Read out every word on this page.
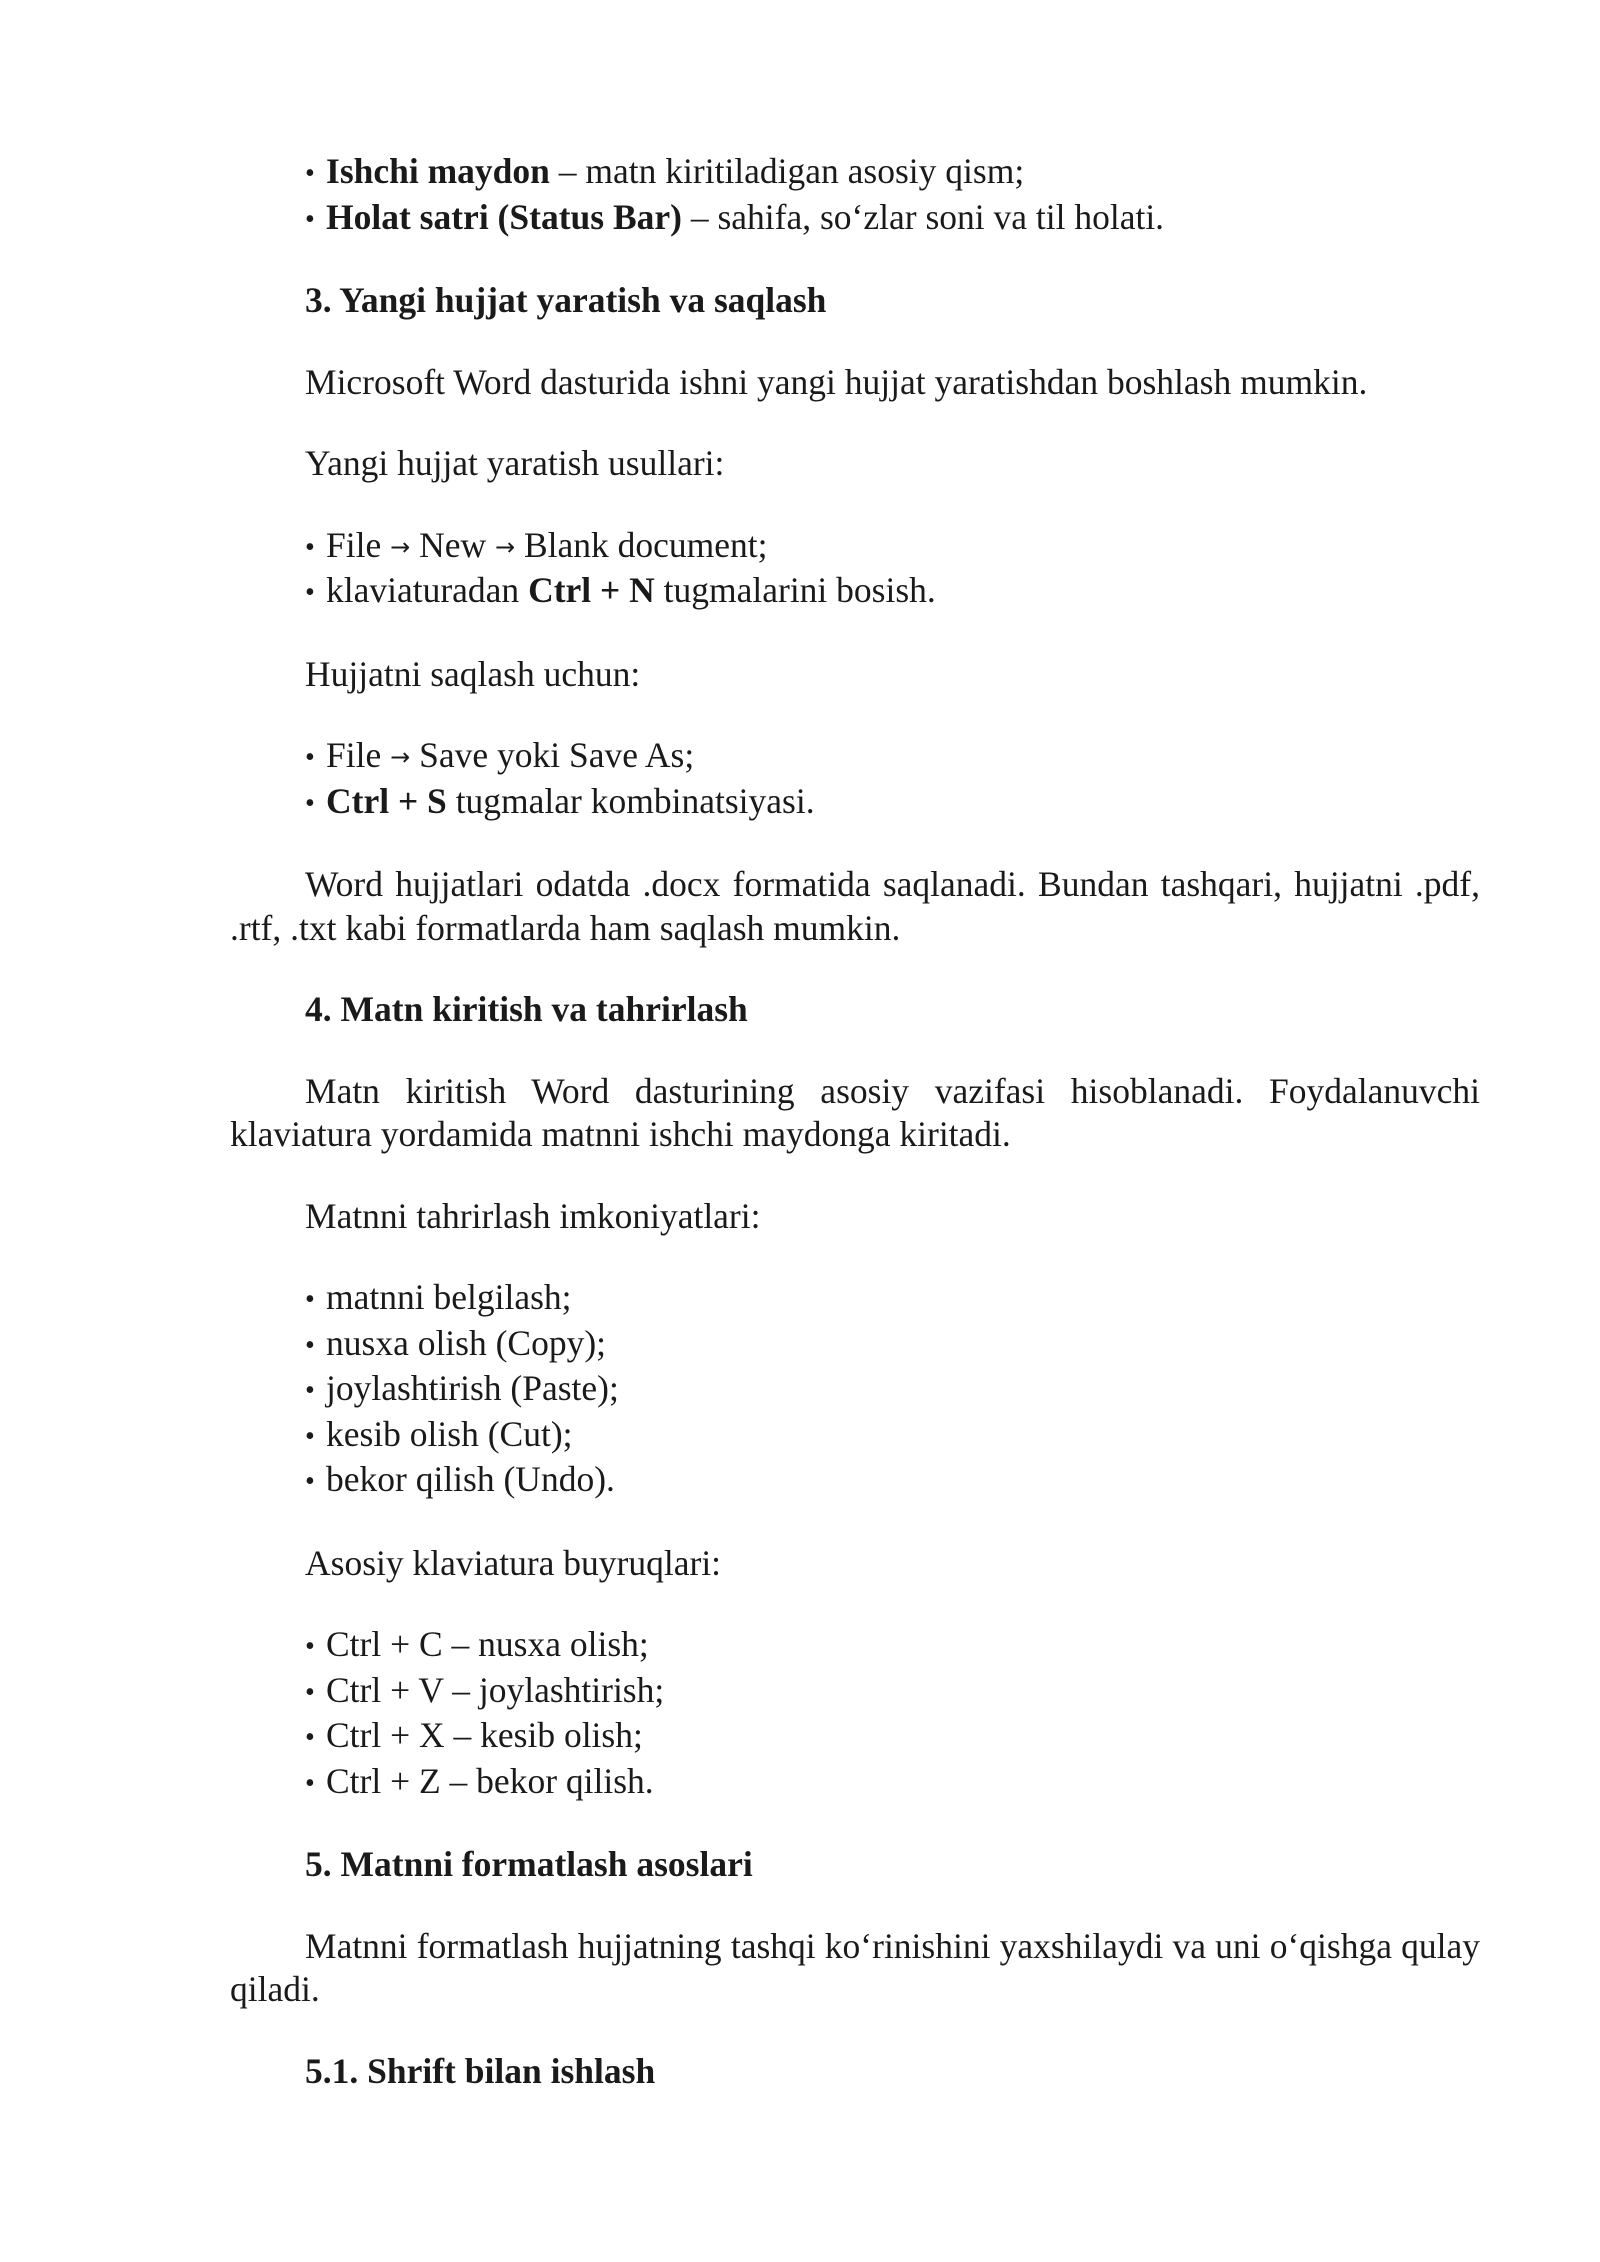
• Ishchi maydon – matn kiritiladigan asosiy qism;
• Holat satri (Status Bar) – sahifa, so‘zlar soni va til holati.

3. Yangi hujjat yaratish va saqlash

Microsoft Word dasturida ishni yangi hujjat yaratishdan boshlash mumkin.

Yangi hujjat yaratish usullari:

• File → New → Blank document;
• klaviaturadan Ctrl + N tugmalarini bosish.

Hujjatni saqlash uchun:

• File → Save yoki Save As;
• Ctrl + S tugmalar kombinatsiyasi.

Word hujjatlari odatda .docx formatida saqlanadi. Bundan tashqari, hujjatni .pdf, .rtf, .txt kabi formatlarda ham saqlash mumkin.

4. Matn kiritish va tahrirlash

Matn kiritish Word dasturining asosiy vazifasi hisoblanadi. Foydalanuvchi klaviatura yordamida matnni ishchi maydonga kiritadi.

Matnni tahrirlash imkoniyatlari:

• matnni belgilash;
• nusxa olish (Copy);
• joylashtirish (Paste);
• kesib olish (Cut);
• bekor qilish (Undo).

Asosiy klaviatura buyruqlari:

• Ctrl + C – nusxa olish;
• Ctrl + V – joylashtirish;
• Ctrl + X – kesib olish;
• Ctrl + Z – bekor qilish.

5. Matnni formatlash asoslari

Matnni formatlash hujjatning tashqi ko‘rinishini yaxshilaydi va uni o‘qishga qulay qiladi.

5.1. Shrift bilan ishlash
